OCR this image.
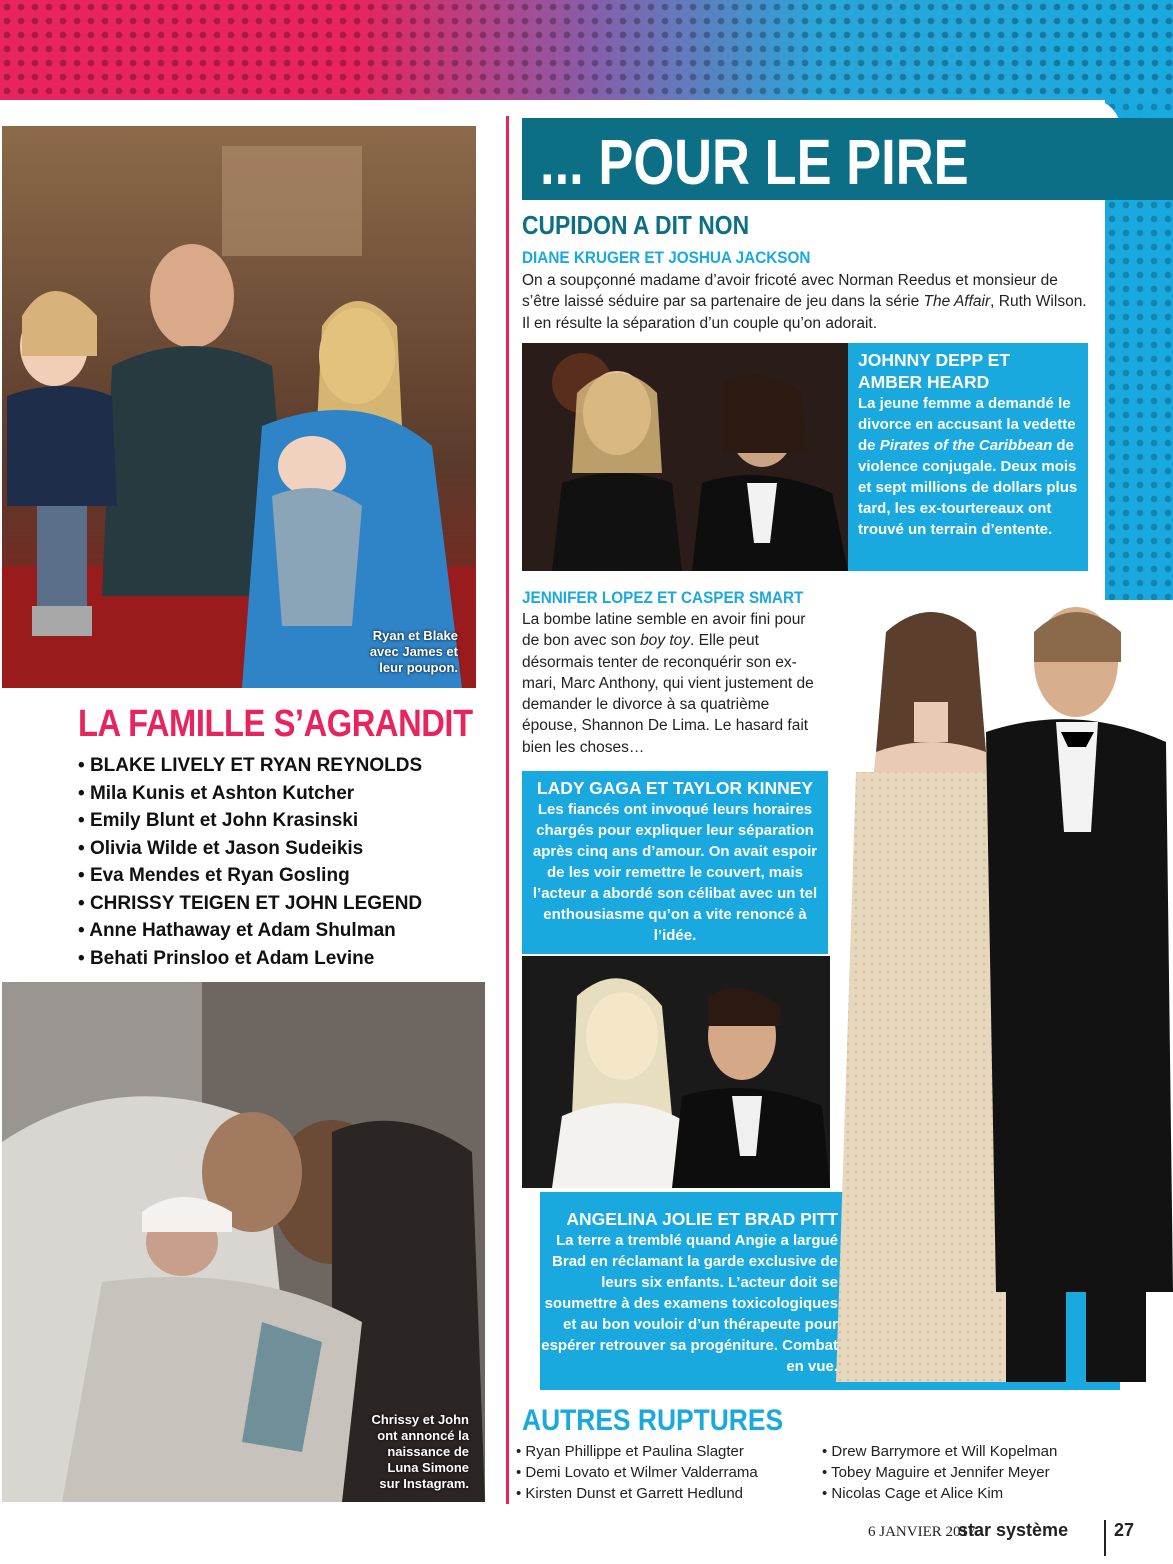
Ryan et Blake
avec James et
leur poupon.
LA FAMILLE S’AGRANDIT
• BLAKE LIVELY ET RYAN REYNOLDS
• Mila Kunis et Ashton Kutcher
• Emily Blunt et John Krasinski
• Olivia Wilde et Jason Sudeikis
• Eva Mendes et Ryan Gosling
• CHRISSY TEIGEN ET JOHN LEGEND
• Anne Hathaway et Adam Shulman
• Behati Prinsloo et Adam Levine
Chrissy et John
ont annoncé la
naissance de
Luna Simone
sur Instagram.
... POUR LE PIRE
CUPIDON A DIT NON
DIANE KRUGER ET JOSHUA JACKSON
On a soupçonné madame d’avoir fricoté avec Norman Reedus et monsieur de s’être laissé séduire par sa partenaire de jeu dans la série The Affair, Ruth Wilson. Il en résulte la séparation d’un couple qu’on adorait.
JOHNNY DEPP ET
AMBER HEARD
La jeune femme a demandé le divorce en accusant la vedette de Pirates of the Caribbean de violence conjugale. Deux mois et sept millions de dollars plus tard, les ex-tourtereaux ont trouvé un terrain d’entente.
JENNIFER LOPEZ ET CASPER SMART
La bombe latine semble en avoir fini pour de bon avec son boy toy. Elle peut désormais tenter de reconquérir son ex-mari, Marc Anthony, qui vient justement de demander le divorce à sa quatrième épouse, Shannon De Lima. Le hasard fait bien les choses…
ANGELINA JOLIE ET BRAD PITT
La terre a tremblé quand Angie a largué Brad en réclamant la garde exclusive de leurs six enfants. L’acteur doit se soumettre à des examens toxicologiques et au bon vouloir d’un thérapeute pour espérer retrouver sa progéniture. Combat en vue.
LADY GAGA ET TAYLOR KINNEY
Les fiancés ont invoqué leurs horaires chargés pour expliquer leur séparation après cinq ans d’amour. On avait espoir de les voir remettre le couvert, mais l’acteur a abordé son célibat avec un tel enthousiasme qu’on a vite renoncé à l’idée.
AUTRES RUPTURES
• Ryan Phillippe et Paulina Slagter
• Demi Lovato et Wilmer Valderrama
• Kirsten Dunst et Garrett Hedlund
• Drew Barrymore et Will Kopelman
• Tobey Maguire et Jennifer Meyer
• Nicolas Cage et Alice Kim
6 JANVIER 2017
star système	27
